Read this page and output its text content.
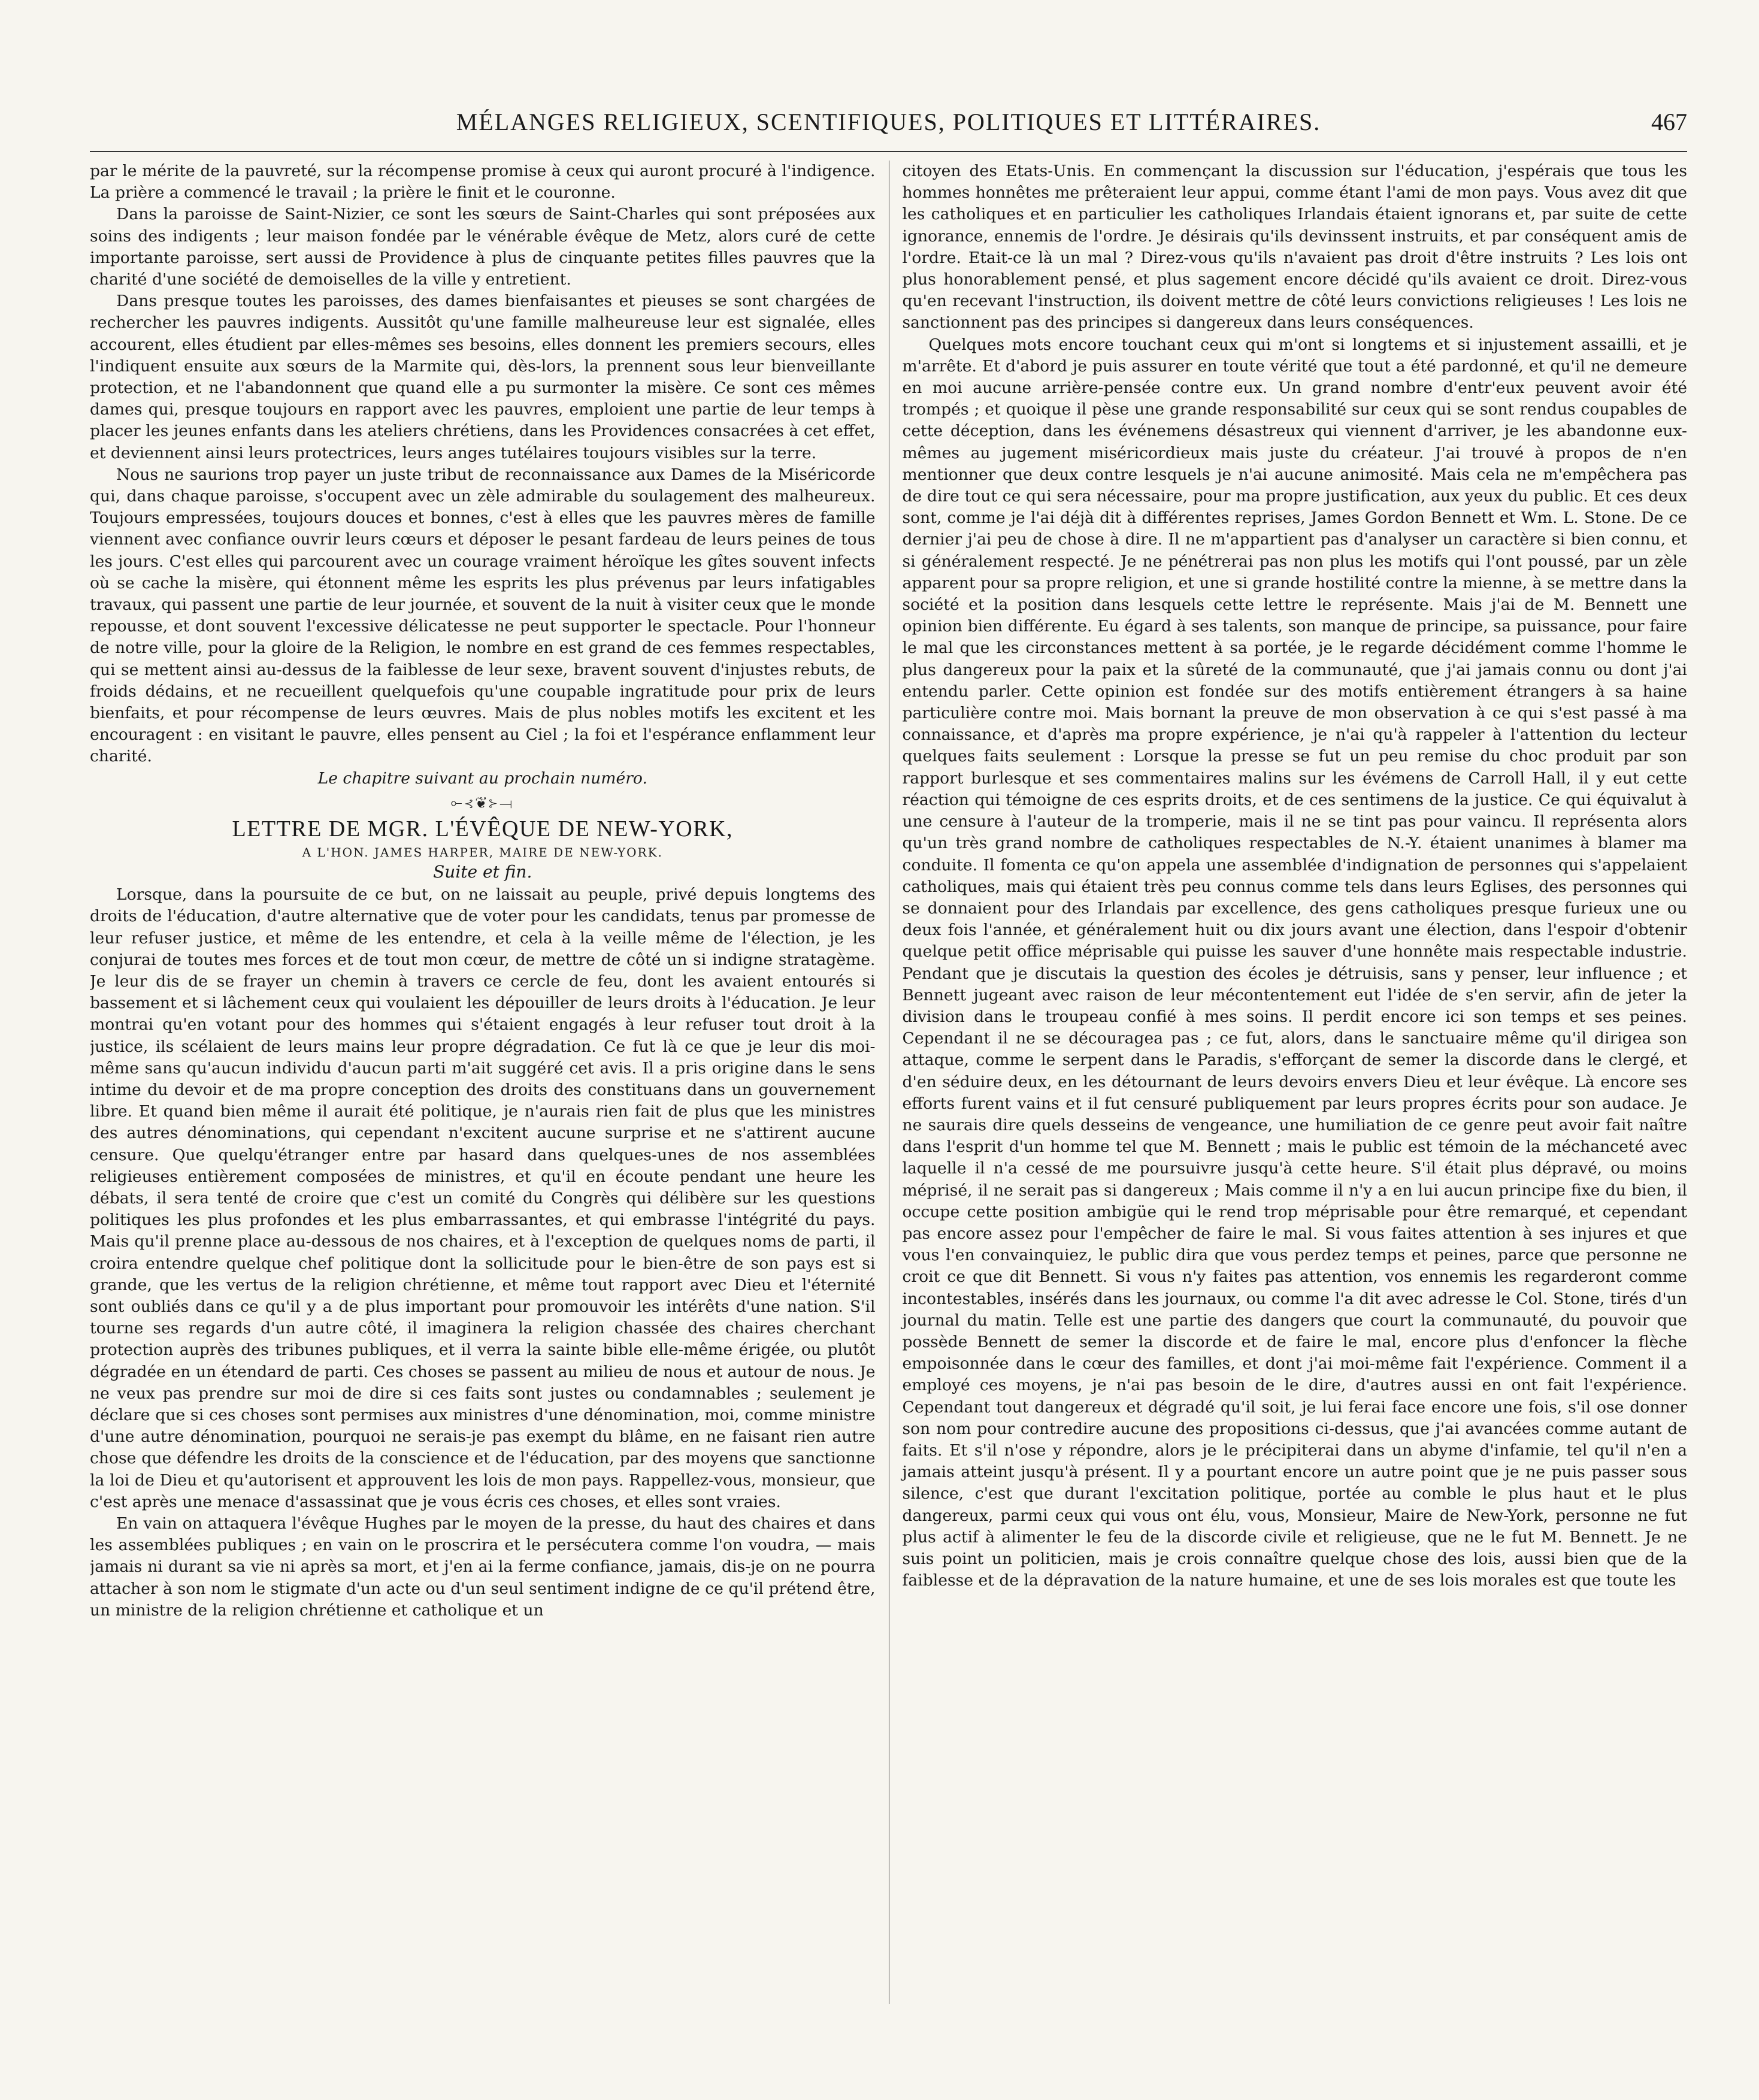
MÉLANGES RELIGIEUX, SCENTIFIQUES, POLITIQUES ET LITTÉRAIRES.	467

par le mérite de la pauvreté, sur la récompense promise à ceux qui auront procuré à l'indigence. La prière a commencé le travail ; la prière le finit et le couronne.

Dans la paroisse de Saint-Nizier, ce sont les sœurs de Saint-Charles qui sont préposées aux soins des indigents ; leur maison fondée par le vénérable évêque de Metz, alors curé de cette importante paroisse, sert aussi de Providence à plus de cinquante petites filles pauvres que la charité d'une société de demoiselles de la ville y entretient.

Dans presque toutes les paroisses, des dames bienfaisantes et pieuses se sont chargées de rechercher les pauvres indigents. Aussitôt qu'une famille malheureuse leur est signalée, elles accourent, elles étudient par elles-mêmes ses besoins, elles donnent les premiers secours, elles l'indiquent ensuite aux sœurs de la Marmite qui, dès-lors, la prennent sous leur bienveillante protection, et ne l'abandonnent que quand elle a pu surmonter la misère. Ce sont ces mêmes dames qui, presque toujours en rapport avec les pauvres, emploient une partie de leur temps à placer les jeunes enfants dans les ateliers chrétiens, dans les Providences consacrées à cet effet, et deviennent ainsi leurs protectrices, leurs anges tutélaires toujours visibles sur la terre.

Nous ne saurions trop payer un juste tribut de reconnaissance aux Dames de la Miséricorde qui, dans chaque paroisse, s'occupent avec un zèle admirable du soulagement des malheureux. Toujours empressées, toujours douces et bonnes, c'est à elles que les pauvres mères de famille viennent avec confiance ouvrir leurs cœurs et déposer le pesant fardeau de leurs peines de tous les jours. C'est elles qui parcourent avec un courage vraiment héroïque les gîtes souvent infects où se cache la misère, qui étonnent même les esprits les plus prévenus par leurs infatigables travaux, qui passent une partie de leur journée, et souvent de la nuit à visiter ceux que le monde repousse, et dont souvent l'excessive délicatesse ne peut supporter le spectacle. Pour l'honneur de notre ville, pour la gloire de la Religion, le nombre en est grand de ces femmes respectables, qui se mettent ainsi au-dessus de la faiblesse de leur sexe, bravent souvent d'injustes rebuts, de froids dédains, et ne recueillent quelquefois qu'une coupable ingratitude pour prix de leurs bienfaits, et pour récompense de leurs œuvres. Mais de plus nobles motifs les excitent et les encouragent : en visitant le pauvre, elles pensent au Ciel ; la foi et l'espérance enflamment leur charité.

Le chapitre suivant au prochain numéro.

⟜⊰❦⊱⟞
LETTRE DE MGR. L'ÉVÊQUE DE NEW-YORK,
A L'HON. JAMES HARPER, MAIRE DE NEW-YORK.
Suite et fin.

Lorsque, dans la poursuite de ce but, on ne laissait au peuple, privé depuis longtems des droits de l'éducation, d'autre alternative que de voter pour les candidats, tenus par promesse de leur refuser justice, et même de les entendre, et cela à la veille même de l'élection, je les conjurai de toutes mes forces et de tout mon cœur, de mettre de côté un si indigne stratagème. Je leur dis de se frayer un chemin à travers ce cercle de feu, dont les avaient entourés si bassement et si lâchement ceux qui voulaient les dépouiller de leurs droits à l'éducation. Je leur montrai qu'en votant pour des hommes qui s'étaient engagés à leur refuser tout droit à la justice, ils scélaient de leurs mains leur propre dégradation. Ce fut là ce que je leur dis moi-même sans qu'aucun individu d'aucun parti m'ait suggéré cet avis. Il a pris origine dans le sens intime du devoir et de ma propre conception des droits des constituans dans un gouvernement libre. Et quand bien même il aurait été politique, je n'aurais rien fait de plus que les ministres des autres dénominations, qui cependant n'excitent aucune surprise et ne s'attirent aucune censure. Que quelqu'étranger entre par hasard dans quelques-unes de nos assemblées religieuses entièrement composées de ministres, et qu'il en écoute pendant une heure les débats, il sera tenté de croire que c'est un comité du Congrès qui délibère sur les questions politiques les plus profondes et les plus embarrassantes, et qui embrasse l'intégrité du pays. Mais qu'il prenne place au-dessous de nos chaires, et à l'exception de quelques noms de parti, il croira entendre quelque chef politique dont la sollicitude pour le bien-être de son pays est si grande, que les vertus de la religion chrétienne, et même tout rapport avec Dieu et l'éternité sont oubliés dans ce qu'il y a de plus important pour promouvoir les intérêts d'une nation. S'il tourne ses regards d'un autre côté, il imaginera la religion chassée des chaires cherchant protection auprès des tribunes publiques, et il verra la sainte bible elle-même érigée, ou plutôt dégradée en un étendard de parti. Ces choses se passent au milieu de nous et autour de nous. Je ne veux pas prendre sur moi de dire si ces faits sont justes ou condamnables ; seulement je déclare que si ces choses sont permises aux ministres d'une dénomination, moi, comme ministre d'une autre dénomination, pourquoi ne serais-je pas exempt du blâme, en ne faisant rien autre chose que défendre les droits de la conscience et de l'éducation, par des moyens que sanctionne la loi de Dieu et qu'autorisent et approuvent les lois de mon pays. Rappellez-vous, monsieur, que c'est après une menace d'assassinat que je vous écris ces choses, et elles sont vraies.

En vain on attaquera l'évêque Hughes par le moyen de la presse, du haut des chaires et dans les assemblées publiques ; en vain on le proscrira et le persécutera comme l'on voudra, — mais jamais ni durant sa vie ni après sa mort, et j'en ai la ferme confiance, jamais, dis-je on ne pourra attacher à son nom le stigmate d'un acte ou d'un seul sentiment indigne de ce qu'il prétend être, un ministre de la religion chrétienne et catholique et un

citoyen des Etats-Unis. En commençant la discussion sur l'éducation, j'espérais que tous les hommes honnêtes me prêteraient leur appui, comme étant l'ami de mon pays. Vous avez dit que les catholiques et en particulier les catholiques Irlandais étaient ignorans et, par suite de cette ignorance, ennemis de l'ordre. Je désirais qu'ils devinssent instruits, et par conséquent amis de l'ordre. Etait-ce là un mal ? Direz-vous qu'ils n'avaient pas droit d'être instruits ? Les lois ont plus honorablement pensé, et plus sagement encore décidé qu'ils avaient ce droit. Direz-vous qu'en recevant l'instruction, ils doivent mettre de côté leurs convictions religieuses ! Les lois ne sanctionnent pas des principes si dangereux dans leurs conséquences.

Quelques mots encore touchant ceux qui m'ont si longtems et si injustement assailli, et je m'arrête. Et d'abord je puis assurer en toute vérité que tout a été pardonné, et qu'il ne demeure en moi aucune arrière-pensée contre eux. Un grand nombre d'entr'eux peuvent avoir été trompés ; et quoique il pèse une grande responsabilité sur ceux qui se sont rendus coupables de cette déception, dans les événemens désastreux qui viennent d'arriver, je les abandonne eux-mêmes au jugement miséricordieux mais juste du créateur. J'ai trouvé à propos de n'en mentionner que deux contre lesquels je n'ai aucune animosité. Mais cela ne m'empêchera pas de dire tout ce qui sera nécessaire, pour ma propre justification, aux yeux du public. Et ces deux sont, comme je l'ai déjà dit à différentes reprises, James Gordon Bennett et Wm. L. Stone. De ce dernier j'ai peu de chose à dire. Il ne m'appartient pas d'analyser un caractère si bien connu, et si généralement respecté. Je ne pénétrerai pas non plus les motifs qui l'ont poussé, par un zèle apparent pour sa propre religion, et une si grande hostilité contre la mienne, à se mettre dans la société et la position dans lesquels cette lettre le représente. Mais j'ai de M. Bennett une opinion bien différente. Eu égard à ses talents, son manque de principe, sa puissance, pour faire le mal que les circonstances mettent à sa portée, je le regarde décidément comme l'homme le plus dangereux pour la paix et la sûreté de la communauté, que j'ai jamais connu ou dont j'ai entendu parler. Cette opinion est fondée sur des motifs entièrement étrangers à sa haine particulière contre moi. Mais bornant la preuve de mon observation à ce qui s'est passé à ma connaissance, et d'après ma propre expérience, je n'ai qu'à rappeler à l'attention du lecteur quelques faits seulement : Lorsque la presse se fut un peu remise du choc produit par son rapport burlesque et ses commentaires malins sur les évémens de Carroll Hall, il y eut cette réaction qui témoigne de ces esprits droits, et de ces sentimens de la justice. Ce qui équivalut à une censure à l'auteur de la tromperie, mais il ne se tint pas pour vaincu. Il représenta alors qu'un très grand nombre de catholiques respectables de N.-Y. étaient unanimes à blamer ma conduite. Il fomenta ce qu'on appela une assemblée d'indignation de personnes qui s'appelaient catholiques, mais qui étaient très peu connus comme tels dans leurs Eglises, des personnes qui se donnaient pour des Irlandais par excellence, des gens catholiques presque furieux une ou deux fois l'année, et généralement huit ou dix jours avant une élection, dans l'espoir d'obtenir quelque petit office méprisable qui puisse les sauver d'une honnête mais respectable industrie. Pendant que je discutais la question des écoles je détruisis, sans y penser, leur influence ; et Bennett jugeant avec raison de leur mécontentement eut l'idée de s'en servir, afin de jeter la division dans le troupeau confié à mes soins. Il perdit encore ici son temps et ses peines. Cependant il ne se découragea pas ; ce fut, alors, dans le sanctuaire même qu'il dirigea son attaque, comme le serpent dans le Paradis, s'efforçant de semer la discorde dans le clergé, et d'en séduire deux, en les détournant de leurs devoirs envers Dieu et leur évêque. Là encore ses efforts furent vains et il fut censuré publiquement par leurs propres écrits pour son audace. Je ne saurais dire quels desseins de vengeance, une humiliation de ce genre peut avoir fait naître dans l'esprit d'un homme tel que M. Bennett ; mais le public est témoin de la méchanceté avec laquelle il n'a cessé de me poursuivre jusqu'à cette heure. S'il était plus dépravé, ou moins méprisé, il ne serait pas si dangereux ; Mais comme il n'y a en lui aucun principe fixe du bien, il occupe cette position ambigüe qui le rend trop méprisable pour être remarqué, et cependant pas encore assez pour l'empêcher de faire le mal. Si vous faites attention à ses injures et que vous l'en convainquiez, le public dira que vous perdez temps et peines, parce que personne ne croit ce que dit Bennett. Si vous n'y faites pas attention, vos ennemis les regarderont comme incontestables, insérés dans les journaux, ou comme l'a dit avec adresse le Col. Stone, tirés d'un journal du matin. Telle est une partie des dangers que court la communauté, du pouvoir que possède Bennett de semer la discorde et de faire le mal, encore plus d'enfoncer la flèche empoisonnée dans le cœur des familles, et dont j'ai moi-même fait l'expérience. Comment il a employé ces moyens, je n'ai pas besoin de le dire, d'autres aussi en ont fait l'expérience. Cependant tout dangereux et dégradé qu'il soit, je lui ferai face encore une fois, s'il ose donner son nom pour contredire aucune des propositions ci-dessus, que j'ai avancées comme autant de faits. Et s'il n'ose y répondre, alors je le précipiterai dans un abyme d'infamie, tel qu'il n'en a jamais atteint jusqu'à présent. Il y a pourtant encore un autre point que je ne puis passer sous silence, c'est que durant l'excitation politique, portée au comble le plus haut et le plus dangereux, parmi ceux qui vous ont élu, vous, Monsieur, Maire de New-York, personne ne fut plus actif à alimenter le feu de la discorde civile et religieuse, que ne le fut M. Bennett. Je ne suis point un politicien, mais je crois connaître quelque chose des lois, aussi bien que de la faiblesse et de la dépravation de la nature humaine, et une de ses lois morales est que toute les
